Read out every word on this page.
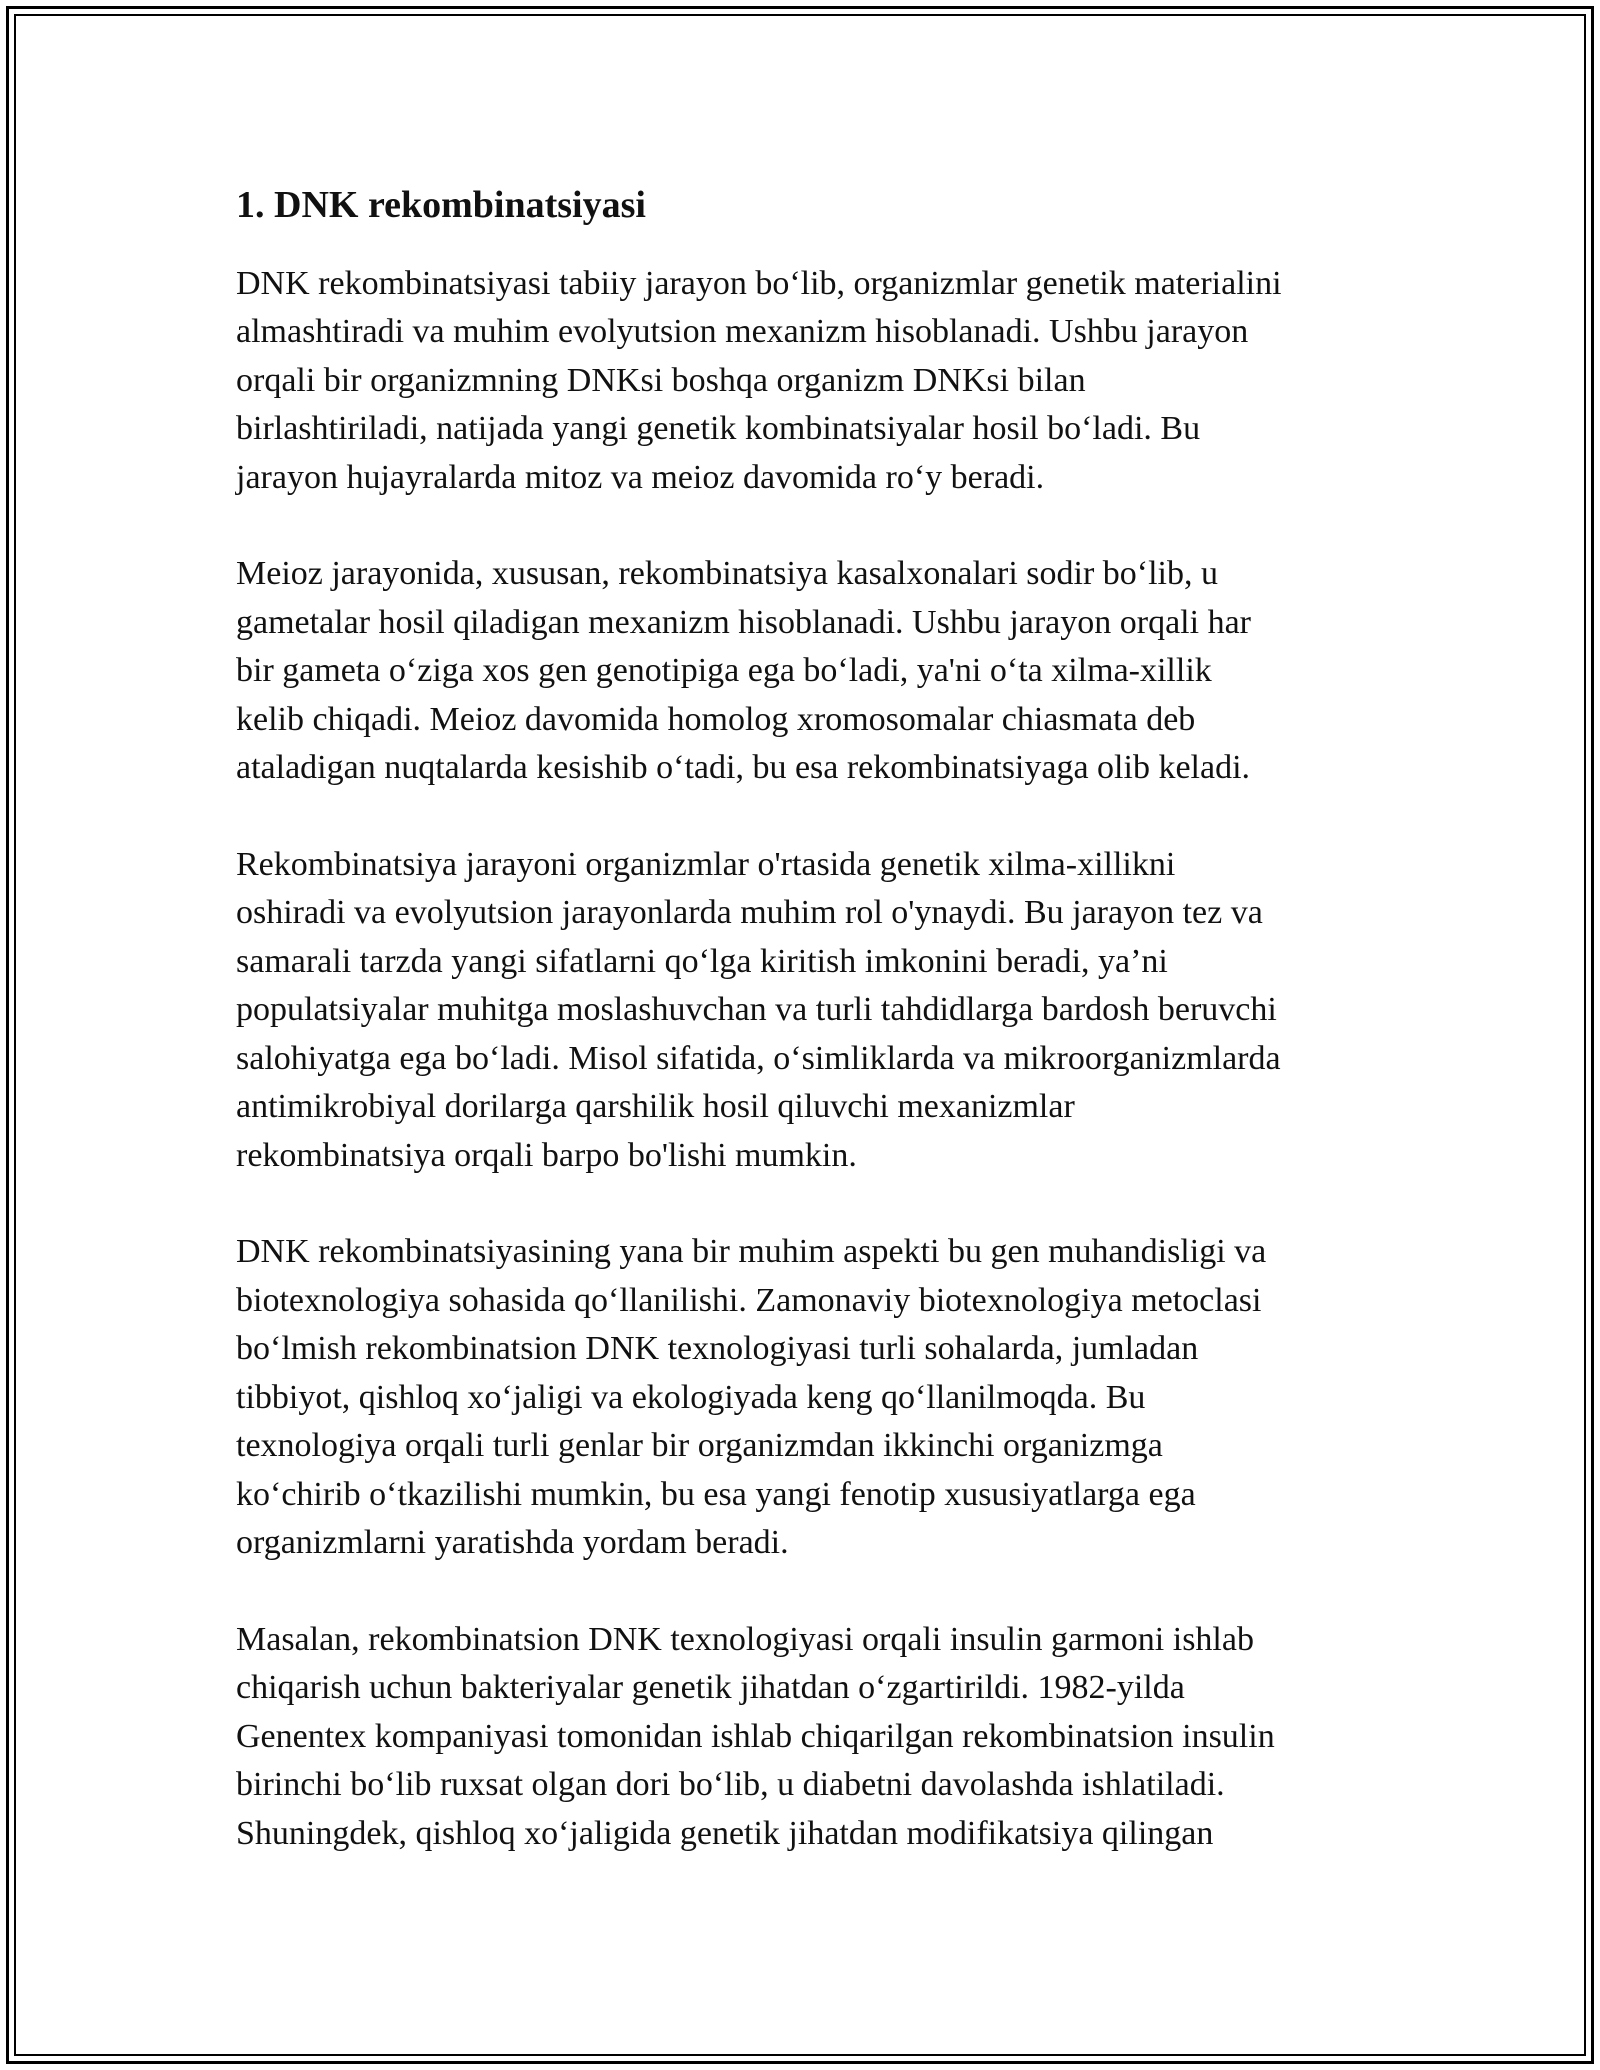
1. DNK rekombinatsiyasi

DNK rekombinatsiyasi tabiiy jarayon bo‘lib, organizmlar genetik materialini
almashtiradi va muhim evolyutsion mexanizm hisoblanadi. Ushbu jarayon
orqali bir organizmning DNKsi boshqa organizm DNKsi bilan
birlashtiriladi, natijada yangi genetik kombinatsiyalar hosil bo‘ladi. Bu
jarayon hujayralarda mitoz va meioz davomida ro‘y beradi.

Meioz jarayonida, xususan, rekombinatsiya kasalxonalari sodir bo‘lib, u
gametalar hosil qiladigan mexanizm hisoblanadi. Ushbu jarayon orqali har
bir gameta o‘ziga xos gen genotipiga ega bo‘ladi, ya'ni o‘ta xilma-xillik
kelib chiqadi. Meioz davomida homolog xromosomalar chiasmata deb
ataladigan nuqtalarda kesishib o‘tadi, bu esa rekombinatsiyaga olib keladi.

Rekombinatsiya jarayoni organizmlar o'rtasida genetik xilma-xillikni
oshiradi va evolyutsion jarayonlarda muhim rol o'ynaydi. Bu jarayon tez va
samarali tarzda yangi sifatlarni qo‘lga kiritish imkonini beradi, ya’ni
populatsiyalar muhitga moslashuvchan va turli tahdidlarga bardosh beruvchi
salohiyatga ega bo‘ladi. Misol sifatida, o‘simliklarda va mikroorganizmlarda
antimikrobiyal dorilarga qarshilik hosil qiluvchi mexanizmlar
rekombinatsiya orqali barpo bo'lishi mumkin.

DNK rekombinatsiyasining yana bir muhim aspekti bu gen muhandisligi va
biotexnologiya sohasida qo‘llanilishi. Zamonaviy biotexnologiya metoclasi
bo‘lmish rekombinatsion DNK texnologiyasi turli sohalarda, jumladan
tibbiyot, qishloq xo‘jaligi va ekologiyada keng qo‘llanilmoqda. Bu
texnologiya orqali turli genlar bir organizmdan ikkinchi organizmga
ko‘chirib o‘tkazilishi mumkin, bu esa yangi fenotip xususiyatlarga ega
organizmlarni yaratishda yordam beradi.

Masalan, rekombinatsion DNK texnologiyasi orqali insulin garmoni ishlab
chiqarish uchun bakteriyalar genetik jihatdan o‘zgartirildi. 1982-yilda
Genentex kompaniyasi tomonidan ishlab chiqarilgan rekombinatsion insulin
birinchi bo‘lib ruxsat olgan dori bo‘lib, u diabetni davolashda ishlatiladi.
Shuningdek, qishloq xo‘jaligida genetik jihatdan modifikatsiya qilingan
